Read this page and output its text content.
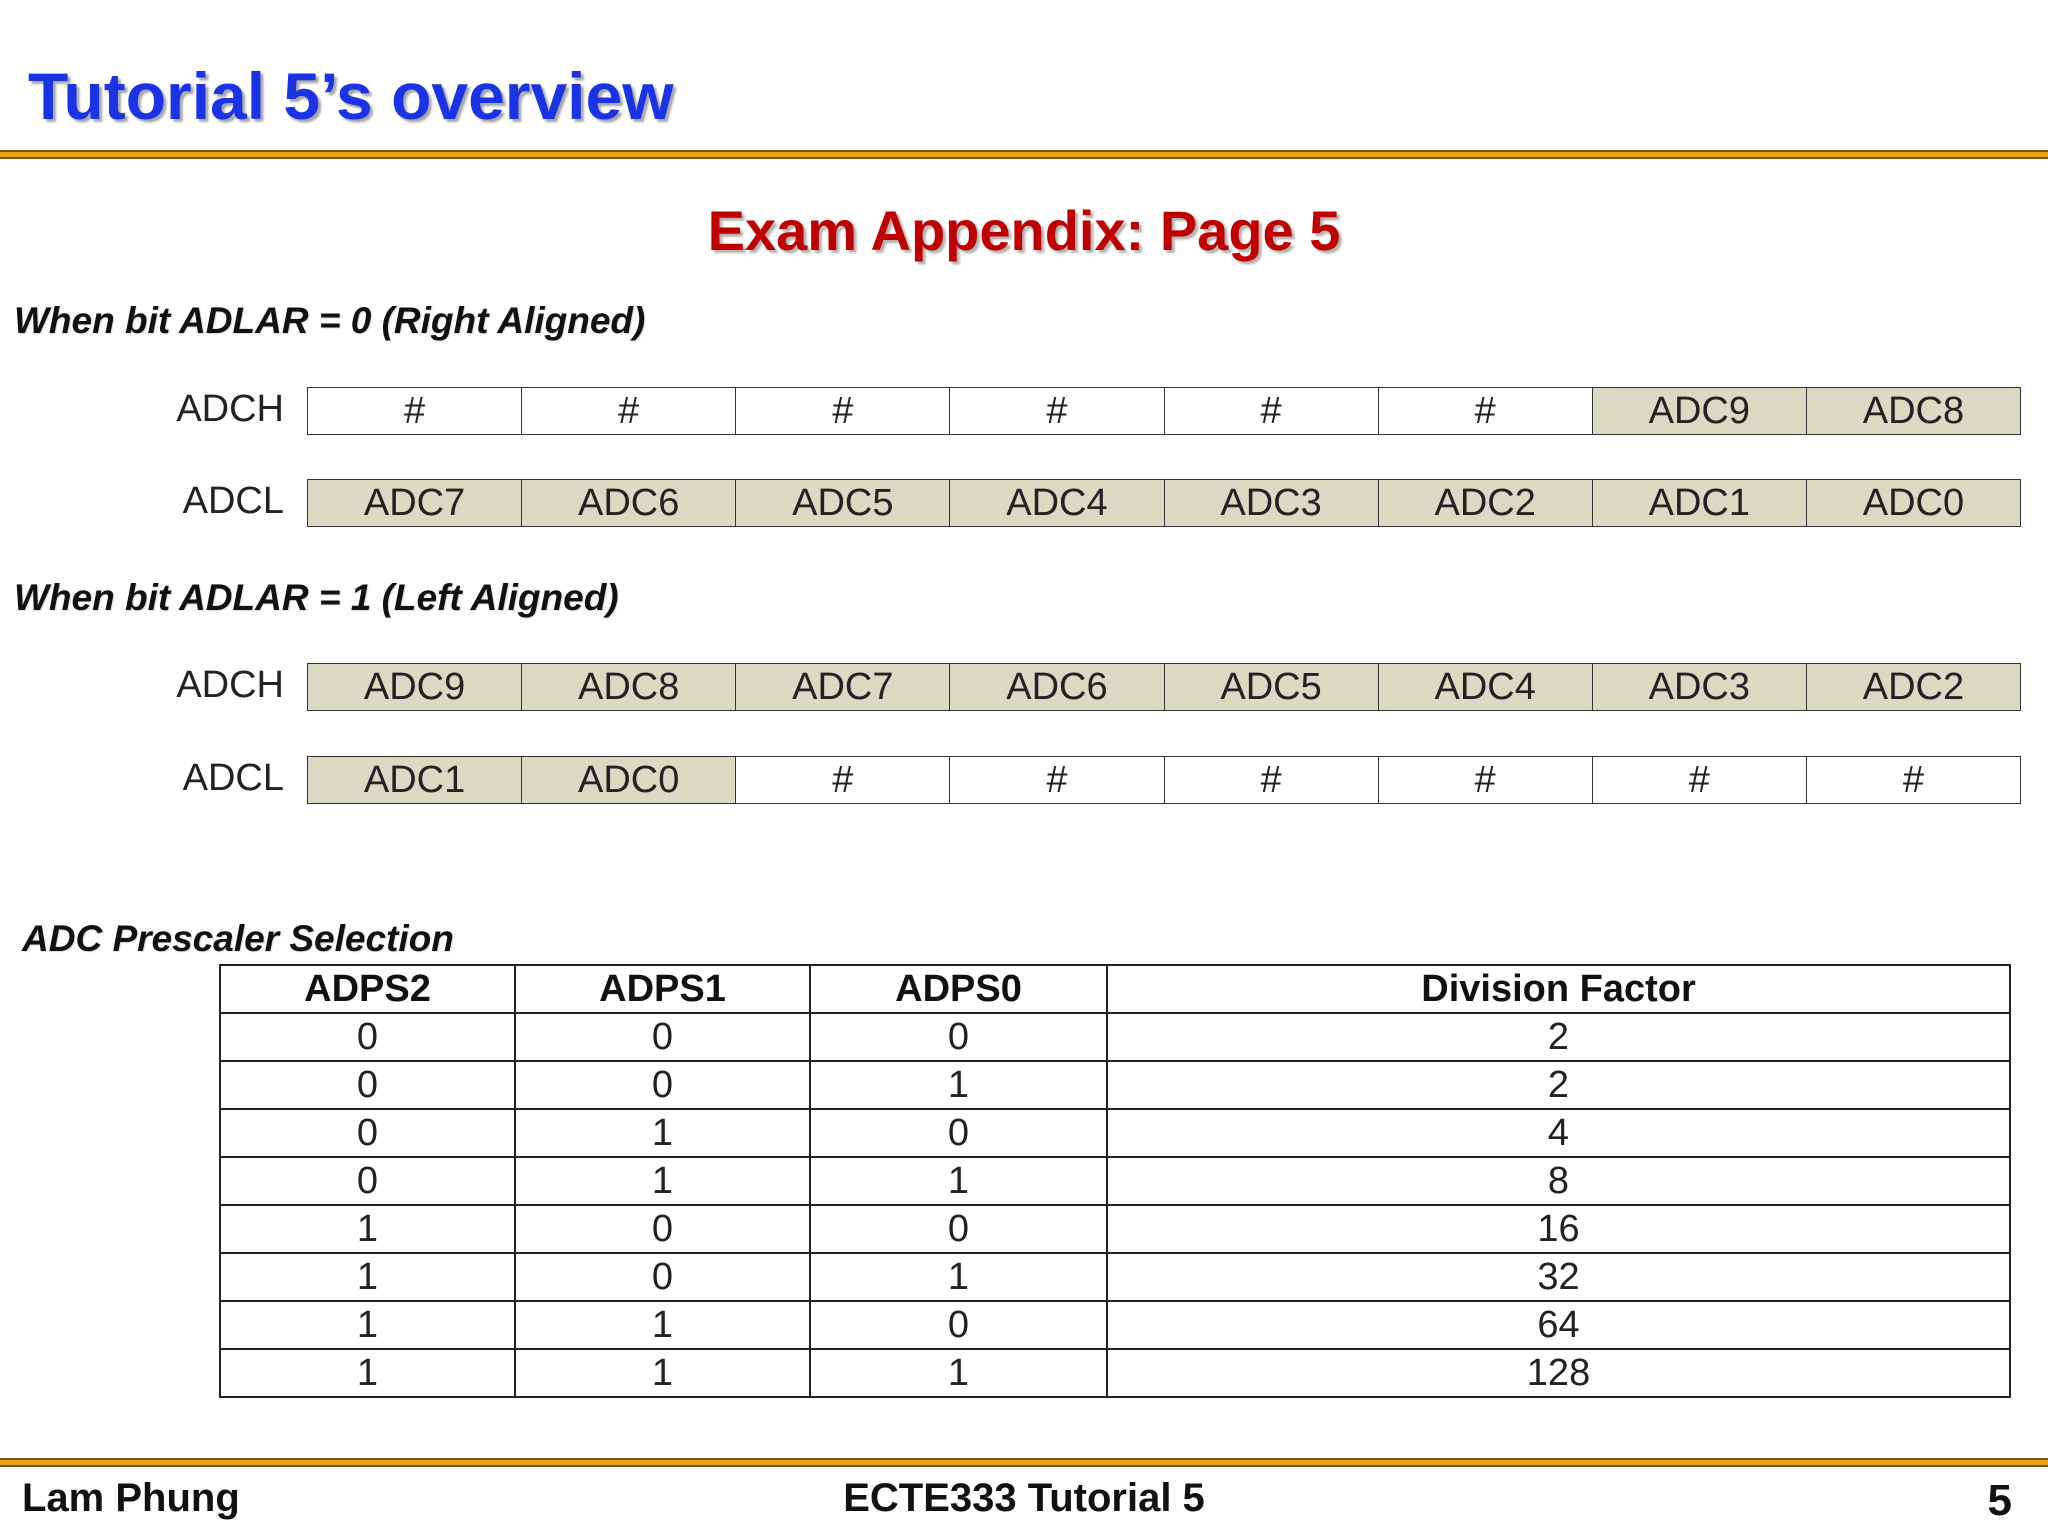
Tutorial 5’s overview
Exam Appendix: Page 5
When bit ADLAR = 0 (Right Aligned)
ADCH	#	#	#	#	#	#	ADC9	ADC8
ADCL	ADC7	ADC6	ADC5	ADC4	ADC3	ADC2	ADC1	ADC0
When bit ADLAR = 1 (Left Aligned)
ADCH	ADC9	ADC8	ADC7	ADC6	ADC5	ADC4	ADC3	ADC2
ADCL	ADC1	ADC0	#	#	#	#	#	#
ADC Prescaler Selection
ADPS2	ADPS1	ADPS0	Division Factor
0	0	0	2
0	0	1	2
0	1	0	4
0	1	1	8
1	0	0	16
1	0	1	32
1	1	0	64
1	1	1	128
Lam Phung	ECTE333 Tutorial 5	5
